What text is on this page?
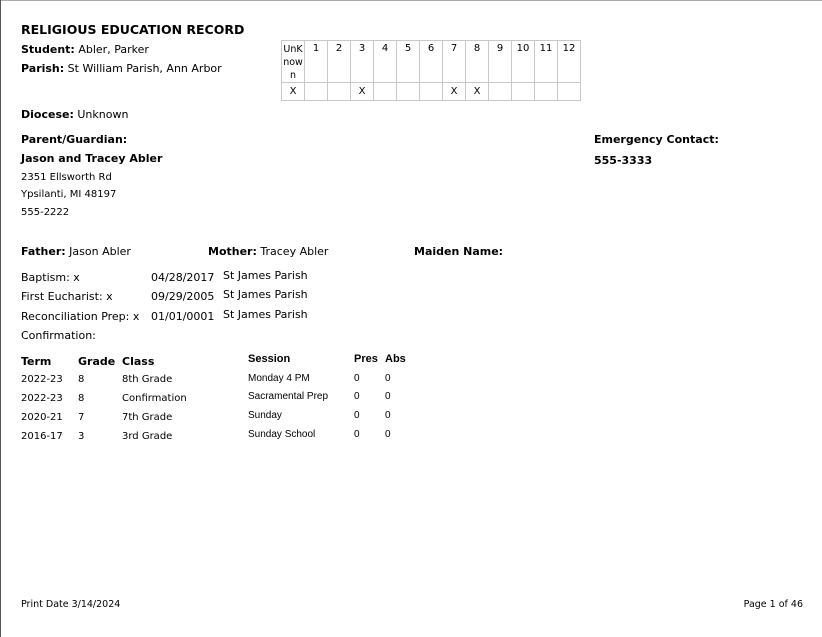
RELIGIOUS EDUCATION RECORD
Student: Abler, Parker
Parish: St William Parish, Ann Arbor
UnK
now
n	1	2	3	4	5	6	7	8	9	10	11	12
X			X				X	X				
Diocese: Unknown
Parent/Guardian:
Jason and Tracey Abler
2351 Ellsworth Rd
Ypsilanti, MI 48197
555-2222
Emergency Contact:
555-3333
Father: Jason Abler	Mother: Tracey Abler	Maiden Name:
Baptism: x	04/28/2017 St James Parish
First Eucharist: x	09/29/2005 St James Parish
Reconciliation Prep: x 01/01/0001 St James Parish
Confirmation:
Term Grade Class	Session	Pres Abs
2022-23 8	8th Grade	Monday 4 PM	0	0
2022-23 8	Confirmation	Sacramental Prep	0	0
2020-21 7	7th Grade	Sunday	0	0
2016-17 3	3rd Grade	Sunday School	0	0
Print Date 3/14/2024	Page 1 of 46
